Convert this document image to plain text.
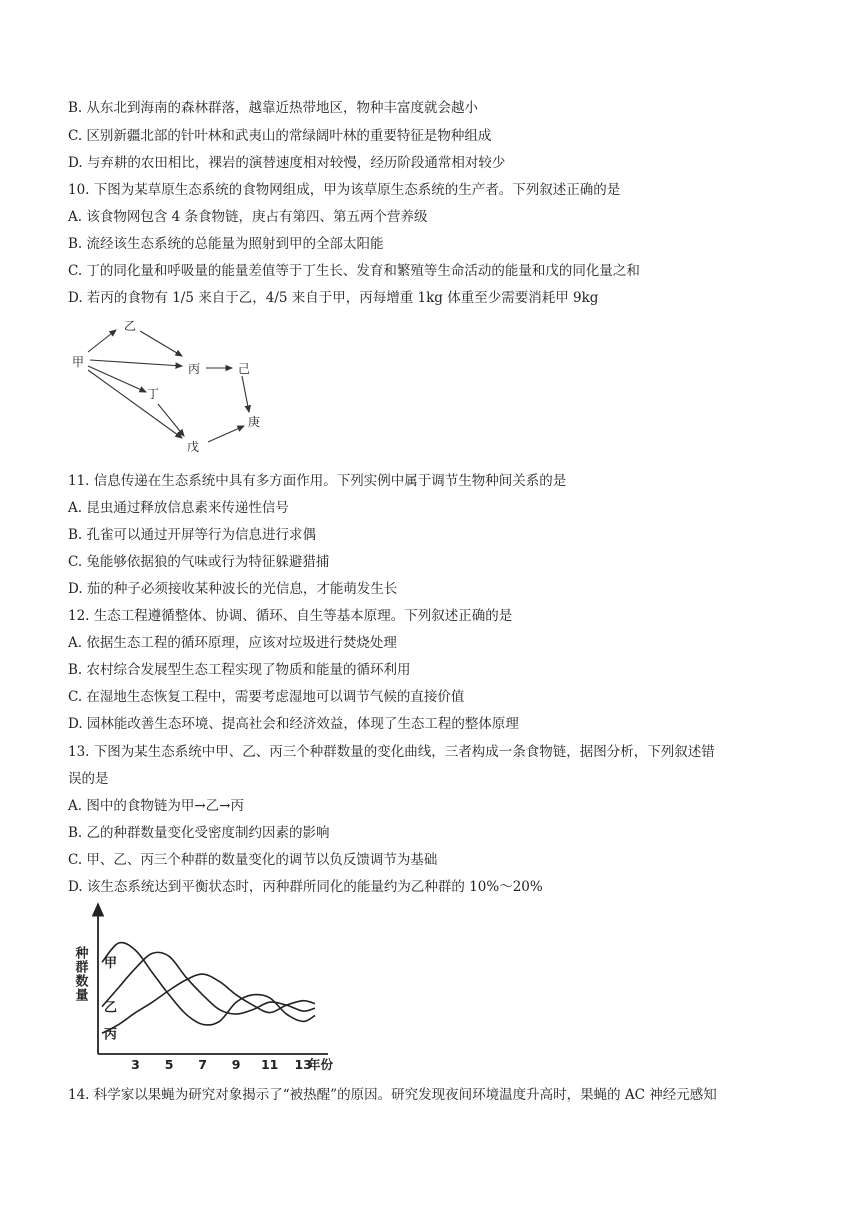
B. 从东北到海南的森林群落，越靠近热带地区，物种丰富度就会越小
C. 区别新疆北部的针叶林和武夷山的常绿阔叶林的重要特征是物种组成
D. 与弃耕的农田相比，裸岩的演替速度相对较慢，经历阶段通常相对较少
10. 下图为某草原生态系统的食物网组成，甲为该草原生态系统的生产者。下列叙述正确的是
A. 该食物网包含 4 条食物链，庚占有第四、第五两个营养级
B. 流经该生态系统的总能量为照射到甲的全部太阳能
C. 丁的同化量和呼吸量的能量差值等于丁生长、发育和繁殖等生命活动的能量和戊的同化量之和
D. 若丙的食物有 1/5 来自于乙，4/5 来自于甲，丙每增重 1kg 体重至少需要消耗甲 9kg
甲
乙
丙	己
丁
戊
庚
11. 信息传递在生态系统中具有多方面作用。下列实例中属于调节生物种间关系的是
A. 昆虫通过释放信息素来传递性信号
B. 孔雀可以通过开屏等行为信息进行求偶
C. 兔能够依据狼的气味或行为特征躲避猎捕
D. 茄的种子必须接收某种波长的光信息，才能萌发生长
12. 生态工程遵循整体、协调、循环、自生等基本原理。下列叙述正确的是
A. 依据生态工程的循环原理，应该对垃圾进行焚烧处理
B. 农村综合发展型生态工程实现了物质和能量的循环利用
C. 在湿地生态恢复工程中，需要考虑湿地可以调节气候的直接价值
D. 园林能改善生态环境、提高社会和经济效益，体现了生态工程的整体原理
13. 下图为某生态系统中甲、乙、丙三个种群数量的变化曲线，三者构成一条食物链，据图分析，下列叙述错
误的是
A. 图中的食物链为甲→乙→丙
B. 乙的种群数量变化受密度制约因素的影响
C. 甲、乙、丙三个种群的数量变化的调节以负反馈调节为基础
D. 该生态系统达到平衡状态时，丙种群所同化的能量约为乙种群的 10%～20%
种群数量
3 5 7 9 11 13
甲
乙
丙
年份
14. 科学家以果蝇为研究对象揭示了“被热醒”的原因。研究发现夜间环境温度升高时，果蝇的 AC 神经元感知
